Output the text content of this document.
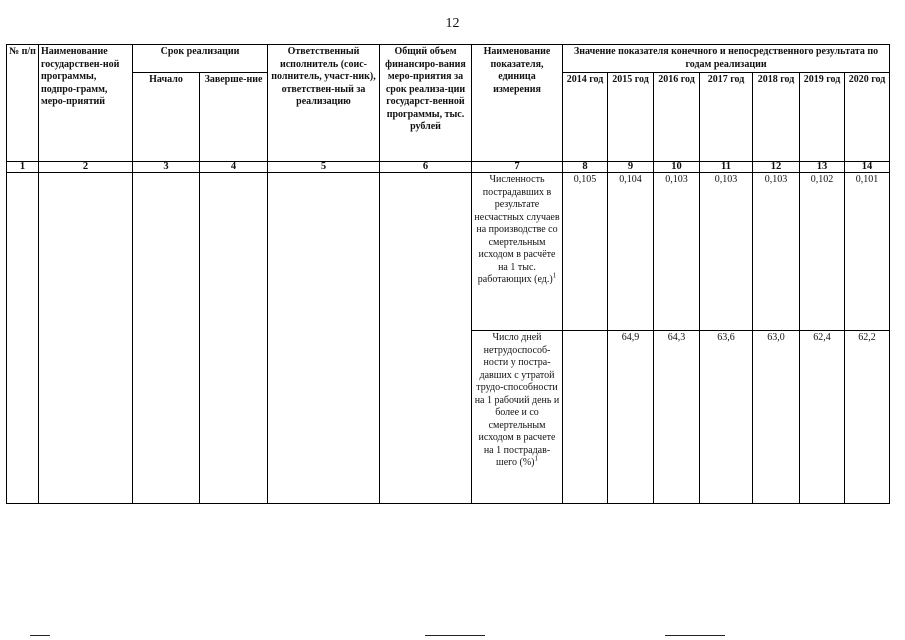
12
№ п/п	Наименование государствен-ной программы, подпро-грамм, меро-приятий	Срок реализации		Ответственный исполнитель (соис-полнитель, участ-ник), ответствен-ный за реализацию	Общий объем финансиро-вания меро-приятия за срок реализа-ции государст-венной программы, тыс. рублей	Наименование показателя, единица измерения	Значение показателя конечного и непосредственного результата по годам реализации						
		Начало	Заверше-ние				2014 год	2015 год	2016 год	2017 год	2018 год	2019 год	2020 год
1	2	3	4	5	6	7	8	9	10	11	12	13	14
						Численность пострадавших в результате несчастных случаев на производстве со смертельным исходом в расчёте на 1 тыс. работающих $(ед.)^1$	0,105	0,104	0,103	0,103	0,103	0,102	0,101
						Число дней нетрудоспособ-ности у постра-давших с утратой трудо-способности на 1 рабочий день и более и со смертельным исходом в расчете на 1 пострадав-шего (%)$^1$		64,9	64,3	63,6	63,0	62,4	62,2
